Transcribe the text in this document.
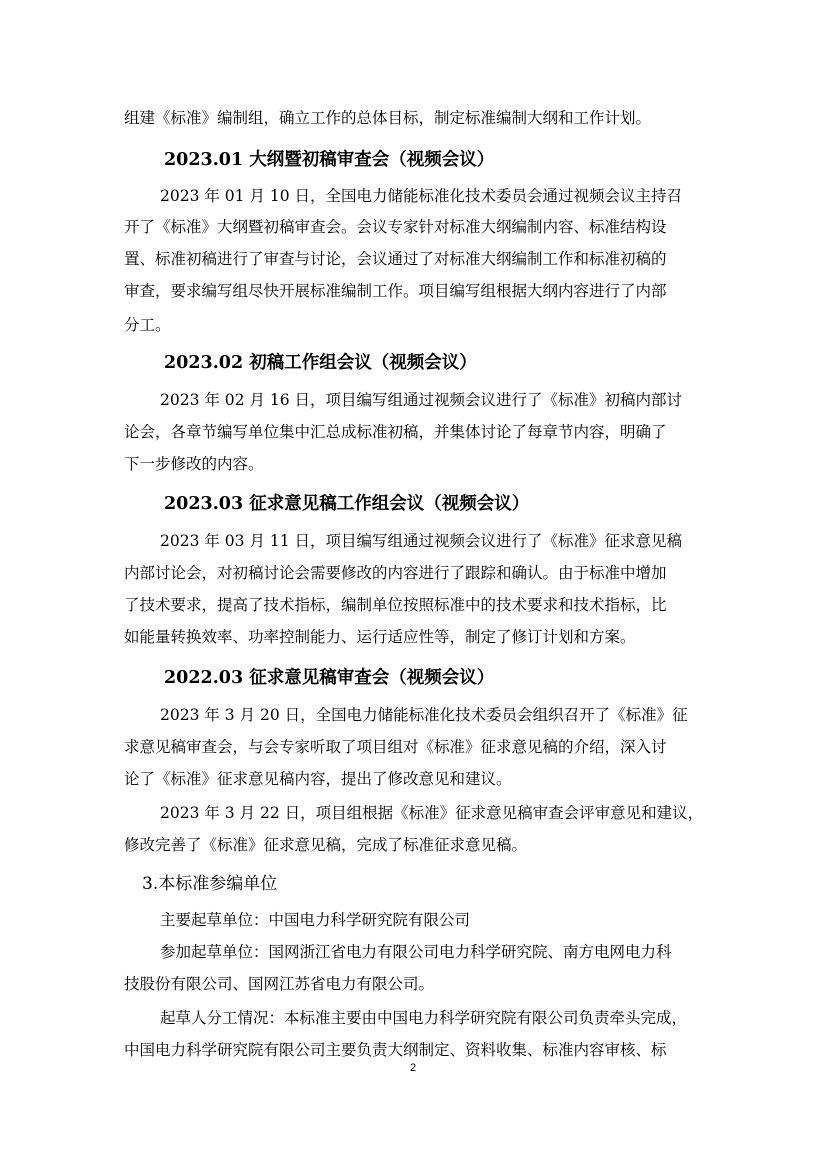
组建《标准》编制组，确立工作的总体目标，制定标准编制大纲和工作计划。
2023.01 大纲暨初稿审查会（视频会议）
2023 年 01 月 10 日，全国电力储能标准化技术委员会通过视频会议主持召
开了《标准》大纲暨初稿审查会。会议专家针对标准大纲编制内容、标准结构设
置、标准初稿进行了审查与讨论，会议通过了对标准大纲编制工作和标准初稿的
审查，要求编写组尽快开展标准编制工作。项目编写组根据大纲内容进行了内部
分工。
2023.02 初稿工作组会议（视频会议）
2023 年 02 月 16 日，项目编写组通过视频会议进行了《标准》初稿内部讨
论会，各章节编写单位集中汇总成标准初稿，并集体讨论了每章节内容，明确了
下一步修改的内容。
2023.03 征求意见稿工作组会议（视频会议）
2023 年 03 月 11 日，项目编写组通过视频会议进行了《标准》征求意见稿
内部讨论会，对初稿讨论会需要修改的内容进行了跟踪和确认。由于标准中增加
了技术要求，提高了技术指标，编制单位按照标准中的技术要求和技术指标，比
如能量转换效率、功率控制能力、运行适应性等，制定了修订计划和方案。
2022.03 征求意见稿审查会（视频会议）
2023 年 3 月 20 日，全国电力储能标准化技术委员会组织召开了《标准》征
求意见稿审查会，与会专家听取了项目组对《标准》征求意见稿的介绍，深入讨
论了《标准》征求意见稿内容，提出了修改意见和建议。
2023 年 3 月 22 日，项目组根据《标准》征求意见稿审查会评审意见和建议，
修改完善了《标准》征求意见稿，完成了标准征求意见稿。
3.本标准参编单位
主要起草单位：中国电力科学研究院有限公司
参加起草单位：国网浙江省电力有限公司电力科学研究院、南方电网电力科
技股份有限公司、国网江苏省电力有限公司。
起草人分工情况：本标准主要由中国电力科学研究院有限公司负责牵头完成，
中国电力科学研究院有限公司主要负责大纲制定、资料收集、标准内容审核、标
2
